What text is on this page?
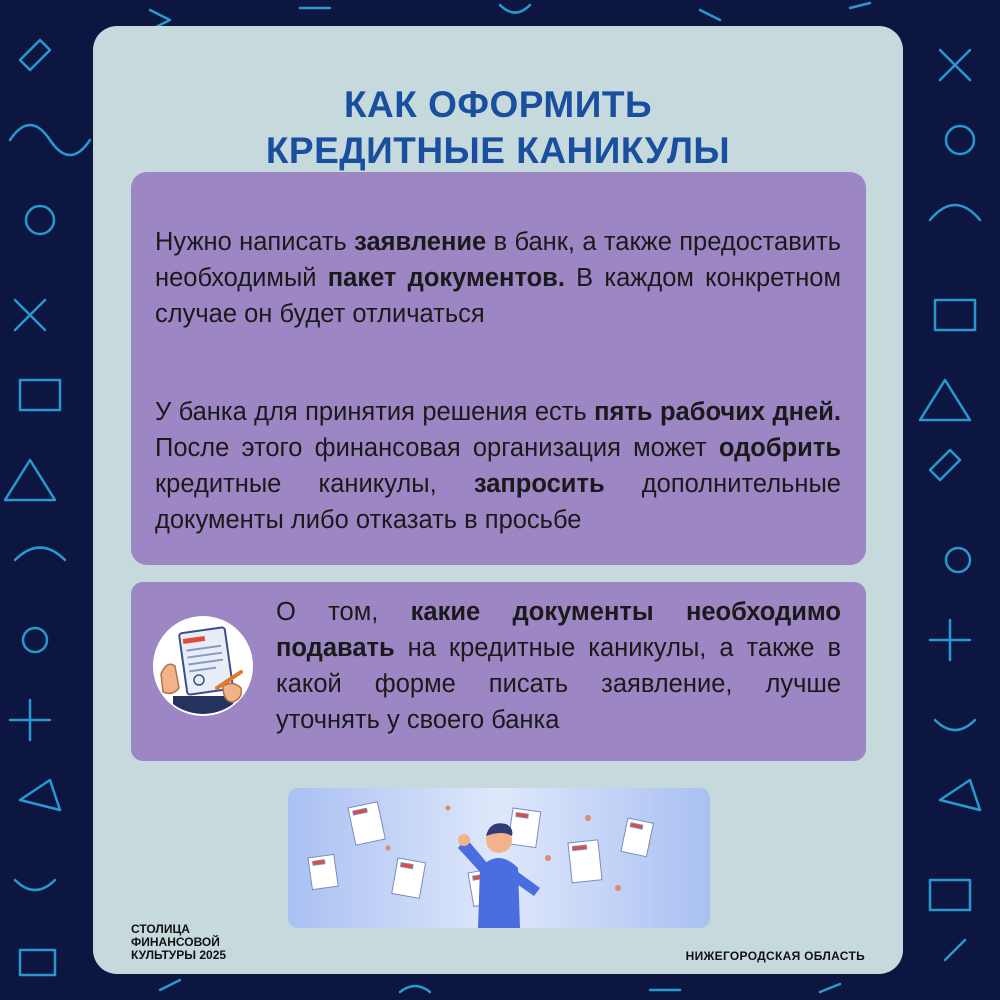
КАК ОФОРМИТЬ
КРЕДИТНЫЕ КАНИКУЛЫ
Нужно написать заявление в банк, а также предоставить необходимый пакет документов. В каждом конкретном случае он будет отличаться
У банка для принятия решения есть пять рабочих дней. После этого финансовая организация может одобрить кредитные каникулы, запросить дополнительные документы либо отказать в просьбе
О том, какие документы необходимо подавать на кредитные каникулы, а также в какой форме писать заявление, лучше уточнять у своего банка
СТОЛИЦА
ФИНАНСОВОЙ
КУЛЬТУРЫ 2025	НИЖЕГОРОДСКАЯ ОБЛАСТЬ
